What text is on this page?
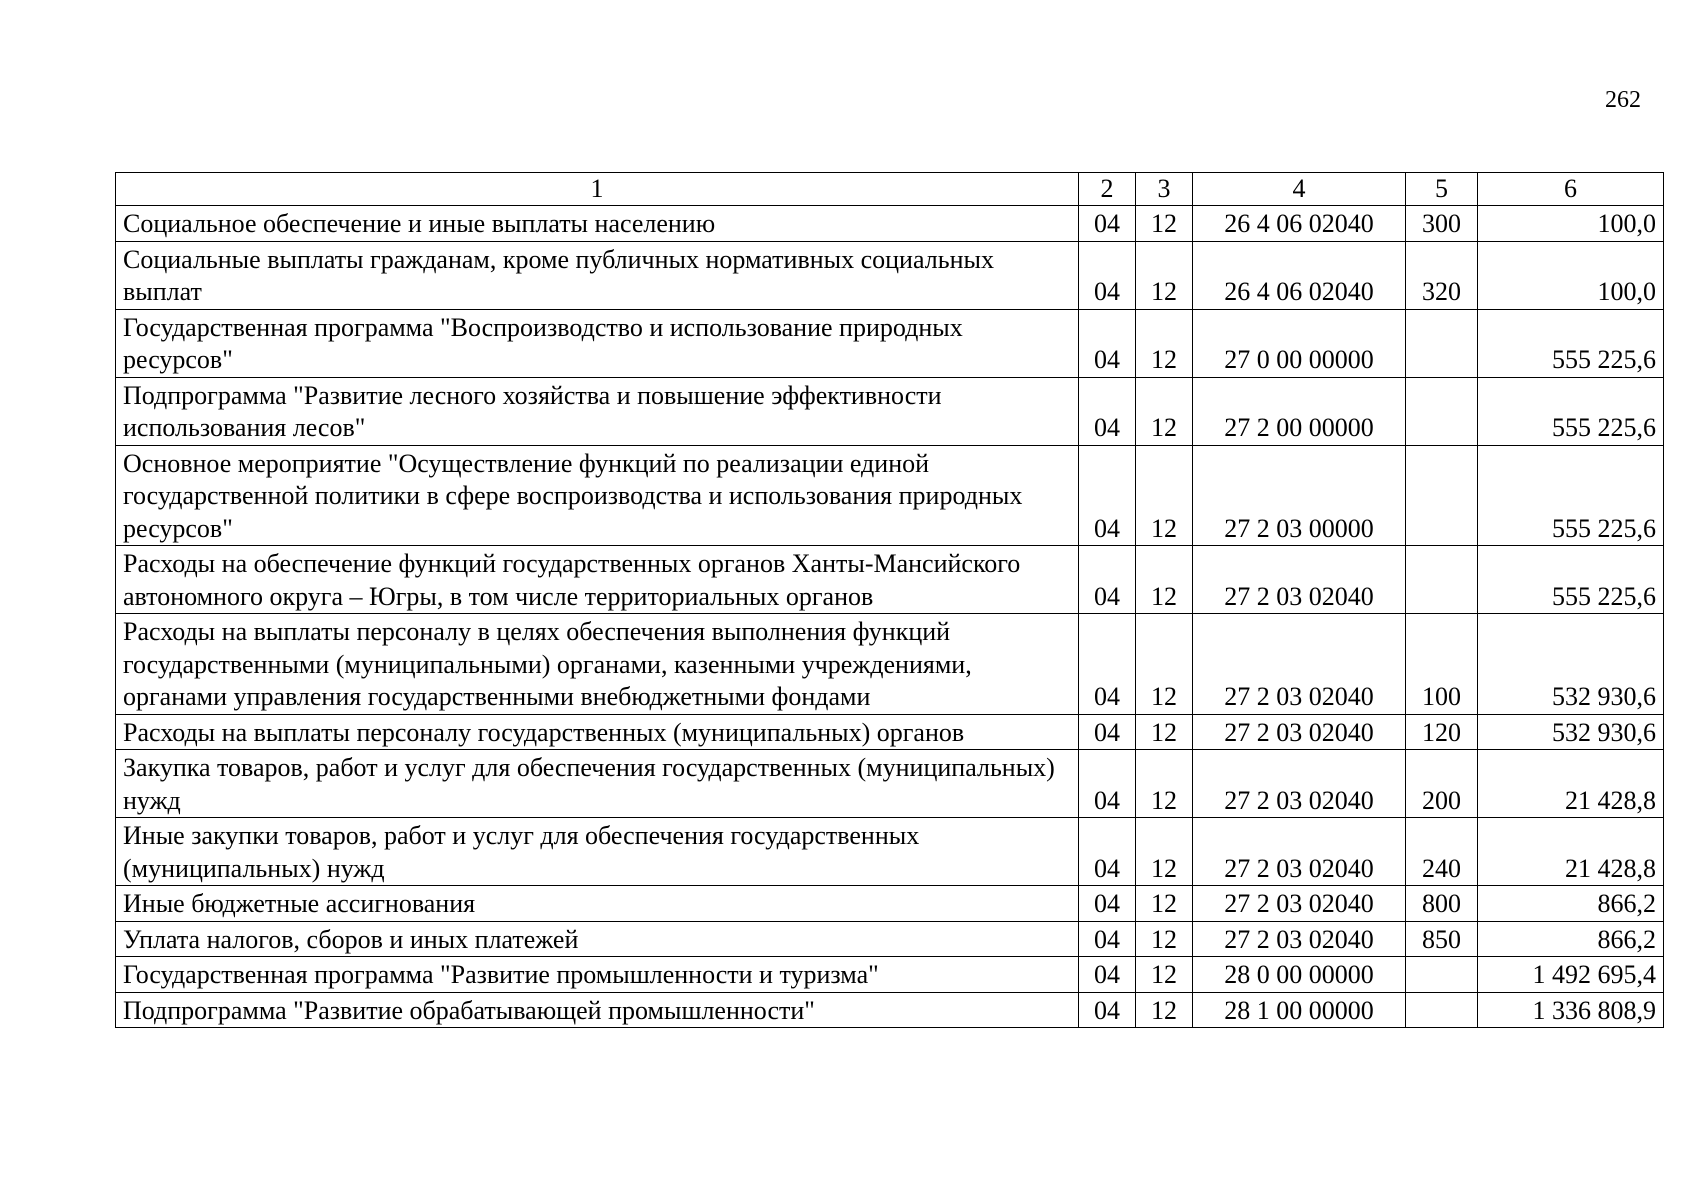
262
1	2	3	4	5	6
Социальное обеспечение и иные выплаты населению	04	12	26 4 06 02040	300	100,0
Социальные выплаты гражданам, кроме публичных нормативных социальных выплат	04	12	26 4 06 02040	320	100,0
Государственная программа "Воспроизводство и использование природных ресурсов"	04	12	27 0 00 00000		555 225,6
Подпрограмма "Развитие лесного хозяйства и повышение эффективности использования лесов"	04	12	27 2 00 00000		555 225,6
Основное мероприятие "Осуществление функций по реализации единой государственной политики в сфере воспроизводства и использования природных ресурсов"	04	12	27 2 03 00000		555 225,6
Расходы на обеспечение функций государственных органов Ханты-Мансийского автономного округа – Югры, в том числе территориальных органов	04	12	27 2 03 02040		555 225,6
Расходы на выплаты персоналу в целях обеспечения выполнения функций государственными (муниципальными) органами, казенными учреждениями, органами управления государственными внебюджетными фондами	04	12	27 2 03 02040	100	532 930,6
Расходы на выплаты персоналу государственных (муниципальных) органов	04	12	27 2 03 02040	120	532 930,6
Закупка товаров, работ и услуг для обеспечения государственных (муниципальных) нужд	04	12	27 2 03 02040	200	21 428,8
Иные закупки товаров, работ и услуг для обеспечения государственных (муниципальных) нужд	04	12	27 2 03 02040	240	21 428,8
Иные бюджетные ассигнования	04	12	27 2 03 02040	800	866,2
Уплата налогов, сборов и иных платежей	04	12	27 2 03 02040	850	866,2
Государственная программа "Развитие промышленности и туризма"	04	12	28 0 00 00000		1 492 695,4
Подпрограмма "Развитие обрабатывающей промышленности"	04	12	28 1 00 00000		1 336 808,9
